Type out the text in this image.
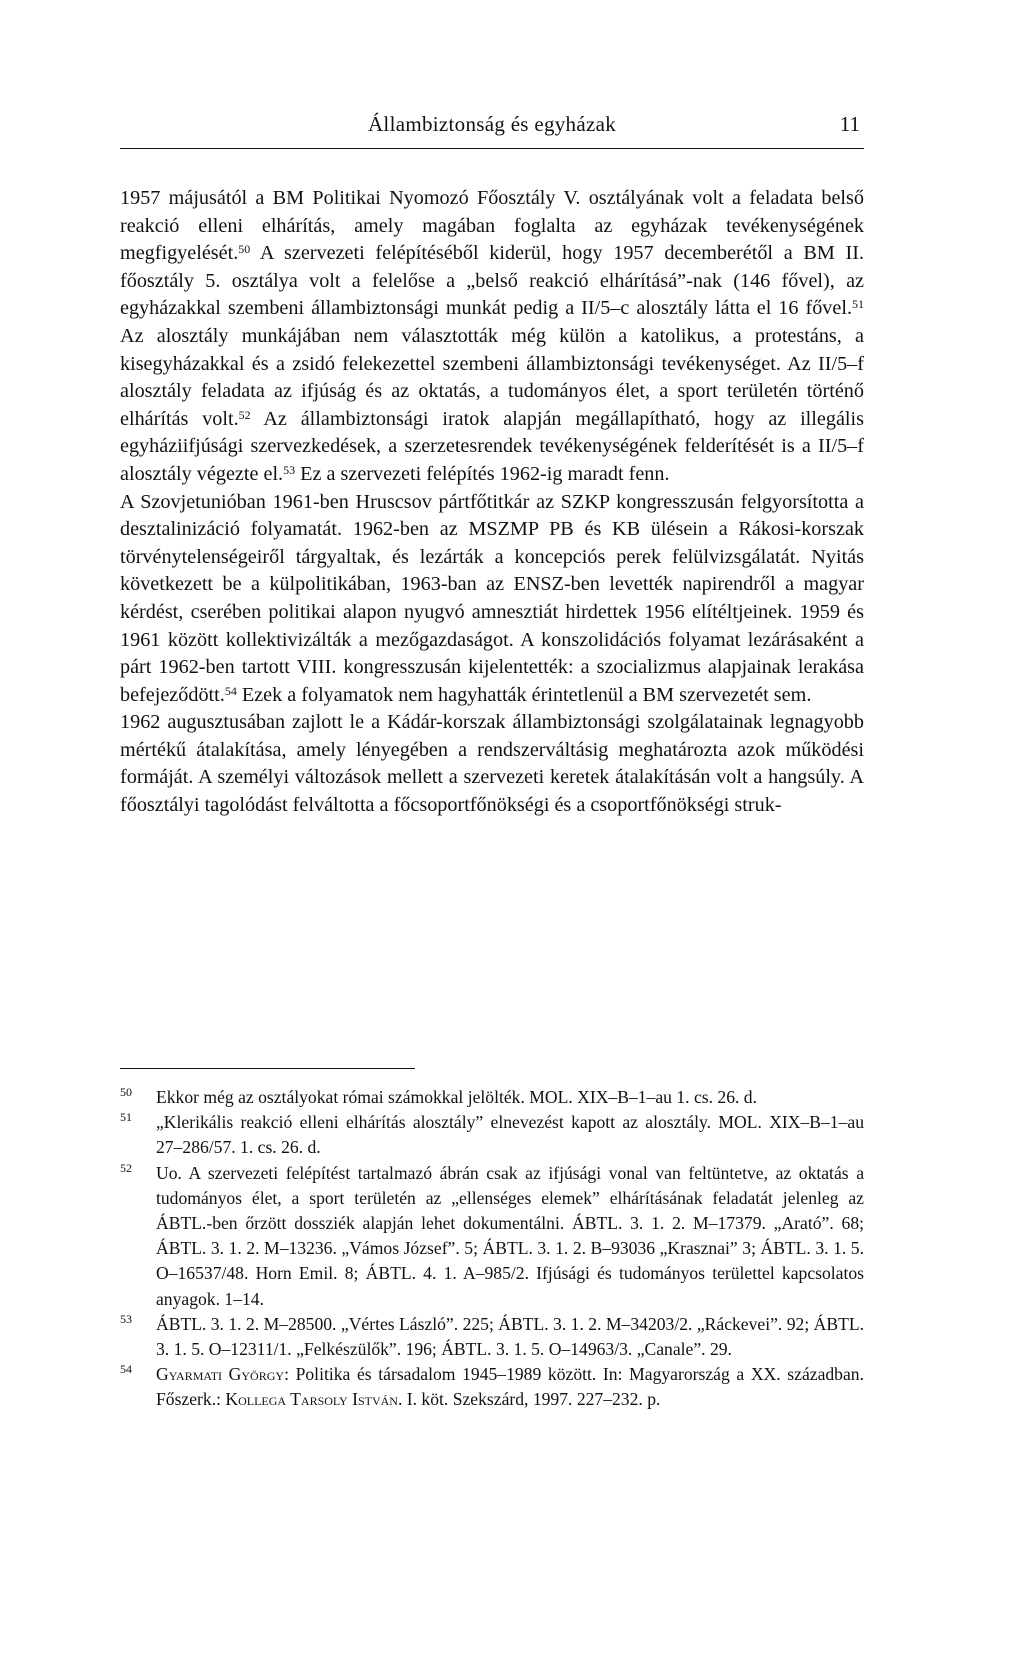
Állambiztonság és egyházak	11

1957 májusától a BM Politikai Nyomozó Főosztály V. osztályának volt a feladata belső reakció elleni elhárítás, amely magában foglalta az egyházak tevékenységének megfigyelését.$^{50}$ A szervezeti felépítéséből kiderül, hogy 1957 decemberétől a BM II. főosztály 5. osztálya volt a felelőse a „belső reakció elhárításá”-nak (146 fővel), az egyházakkal szembeni állambiztonsági munkát pedig a II/5–c alosztály látta el 16 fővel.$^{51}$ Az alosztály munkájában nem választották még külön a katolikus, a protestáns, a kisegyházakkal és a zsidó felekezettel szembeni állambiztonsági tevékenységet. Az II/5–f alosztály feladata az ifjúság és az oktatás, a tudományos élet, a sport területén történő elhárítás volt.$^{52}$ Az állambiztonsági iratok alapján megállapítható, hogy az illegális egyháziifjúsági szervezkedések, a szerzetesrendek tevékenységének felderítését is a II/5–f alosztály végezte el.$^{53}$ Ez a szervezeti felépítés 1962-ig maradt fenn.

A Szovjetunióban 1961-ben Hruscsov pártfőtitkár az SZKP kongresszusán felgyorsította a desztalinizáció folyamatát. 1962-ben az MSZMP PB és KB ülésein a Rákosi-korszak törvénytelenségeiről tárgyaltak, és lezárták a koncepciós perek felülvizsgálatát. Nyitás következett be a külpolitikában, 1963-ban az ENSZ-ben levették napirendről a magyar kérdést, cserében politikai alapon nyugvó amnesztiát hirdettek 1956 elítéltjeinek. 1959 és 1961 között kollektivizálták a mezőgazdaságot. A konszolidációs folyamat lezárásaként a párt 1962-ben tartott VIII. kongresszusán kijelentették: a szocializmus alapjainak lerakása befejeződött.$^{54}$ Ezek a folyamatok nem hagyhatták érintetlenül a BM szervezetét sem.

1962 augusztusában zajlott le a Kádár-korszak állambiztonsági szolgálatainak legnagyobb mértékű átalakítása, amely lényegében a rendszerváltásig meghatározta azok működési formáját. A személyi változások mellett a szervezeti keretek átalakításán volt a hangsúly. A főosztályi tagolódást felváltotta a főcsoportfőnökségi és a csoportfőnökségi struk-

50 Ekkor még az osztályokat római számokkal jelölték. MOL. XIX–B–1–au 1. cs. 26. d.

51 „Klerikális reakció elleni elhárítás alosztály” elnevezést kapott az alosztály. MOL. XIX–B–1–au 27–286/57. 1. cs. 26. d.

52 Uo. A szervezeti felépítést tartalmazó ábrán csak az ifjúsági vonal van feltüntetve, az oktatás a tudományos élet, a sport területén az „ellenséges elemek” elhárításának feladatát jelenleg az ÁBTL.-ben őrzött dossziék alapján lehet dokumentálni. ÁBTL. 3. 1. 2. M–17379. „Arató”. 68; ÁBTL. 3. 1. 2. M–13236. „Vámos József”. 5; ÁBTL. 3. 1. 2. B–93036 „Krasznai” 3; ÁBTL. 3. 1. 5. O–16537/48. Horn Emil. 8; ÁBTL. 4. 1. A–985/2. Ifjúsági és tudományos területtel kapcsolatos anyagok. 1–14.

53 ÁBTL. 3. 1. 2. M–28500. „Vértes László”. 225; ÁBTL. 3. 1. 2. M–34203/2. „Ráckevei”. 92; ÁBTL. 3. 1. 5. O–12311/1. „Felkészülők”. 196; ÁBTL. 3. 1. 5. O–14963/3. „Canale”. 29.

54 Gyarmati György: Politika és társadalom 1945–1989 között. In: Magyarország a XX. században. Főszerk.: Kollega Tarsoly István. I. köt. Szekszárd, 1997. 227–232. p.
